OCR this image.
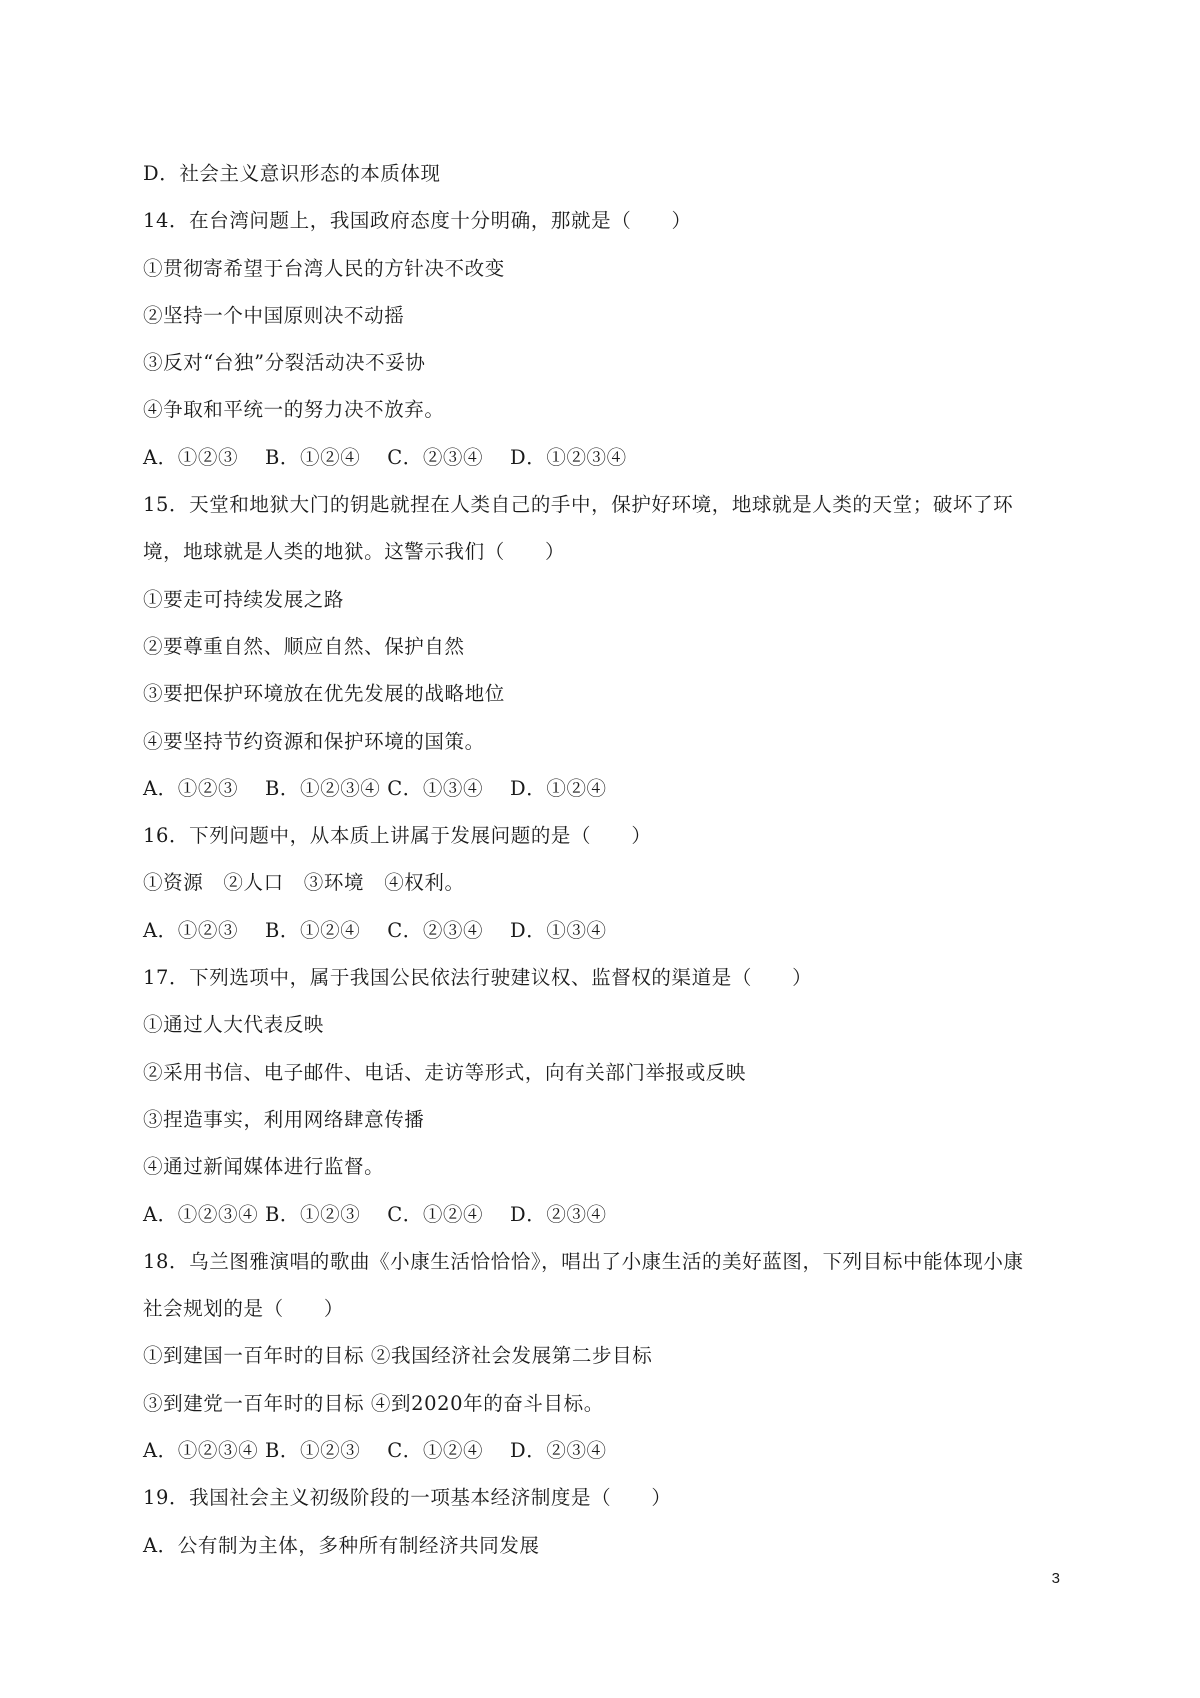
D．社会主义意识形态的本质体现
14．在台湾问题上，我国政府态度十分明确，那就是（　　）
①贯彻寄希望于台湾人民的方针决不改变
②坚持一个中国原则决不动摇
③反对“台独”分裂活动决不妥协
④争取和平统一的努力决不放弃。
A．①②③　 B．①②④　 C．②③④　 D．①②③④
15．天堂和地狱大门的钥匙就捏在人类自己的手中，保护好环境，地球就是人类的天堂；破坏了环
境，地球就是人类的地狱。这警示我们（　　）
①要走可持续发展之路
②要尊重自然、顺应自然、保护自然
③要把保护环境放在优先发展的战略地位
④要坚持节约资源和保护环境的国策。
A．①②③　 B．①②③④ C．①③④　 D．①②④
16．下列问题中，从本质上讲属于发展问题的是（　　）
①资源　②人口　③环境　④权利。
A．①②③　 B．①②④　 C．②③④　 D．①③④
17．下列选项中，属于我国公民依法行驶建议权、监督权的渠道是（　　）
①通过人大代表反映
②采用书信、电子邮件、电话、走访等形式，向有关部门举报或反映
③捏造事实，利用网络肆意传播
④通过新闻媒体进行监督。
A．①②③④ B．①②③　 C．①②④　 D．②③④
18．乌兰图雅演唱的歌曲《小康生活恰恰恰》，唱出了小康生活的美好蓝图，下列目标中能体现小康
社会规划的是（　　）
①到建国一百年时的目标 ②我国经济社会发展第二步目标
③到建党一百年时的目标 ④到2020年的奋斗目标。
A．①②③④ B．①②③　 C．①②④　 D．②③④
19．我国社会主义初级阶段的一项基本经济制度是（　　）
A．公有制为主体，多种所有制经济共同发展
3
